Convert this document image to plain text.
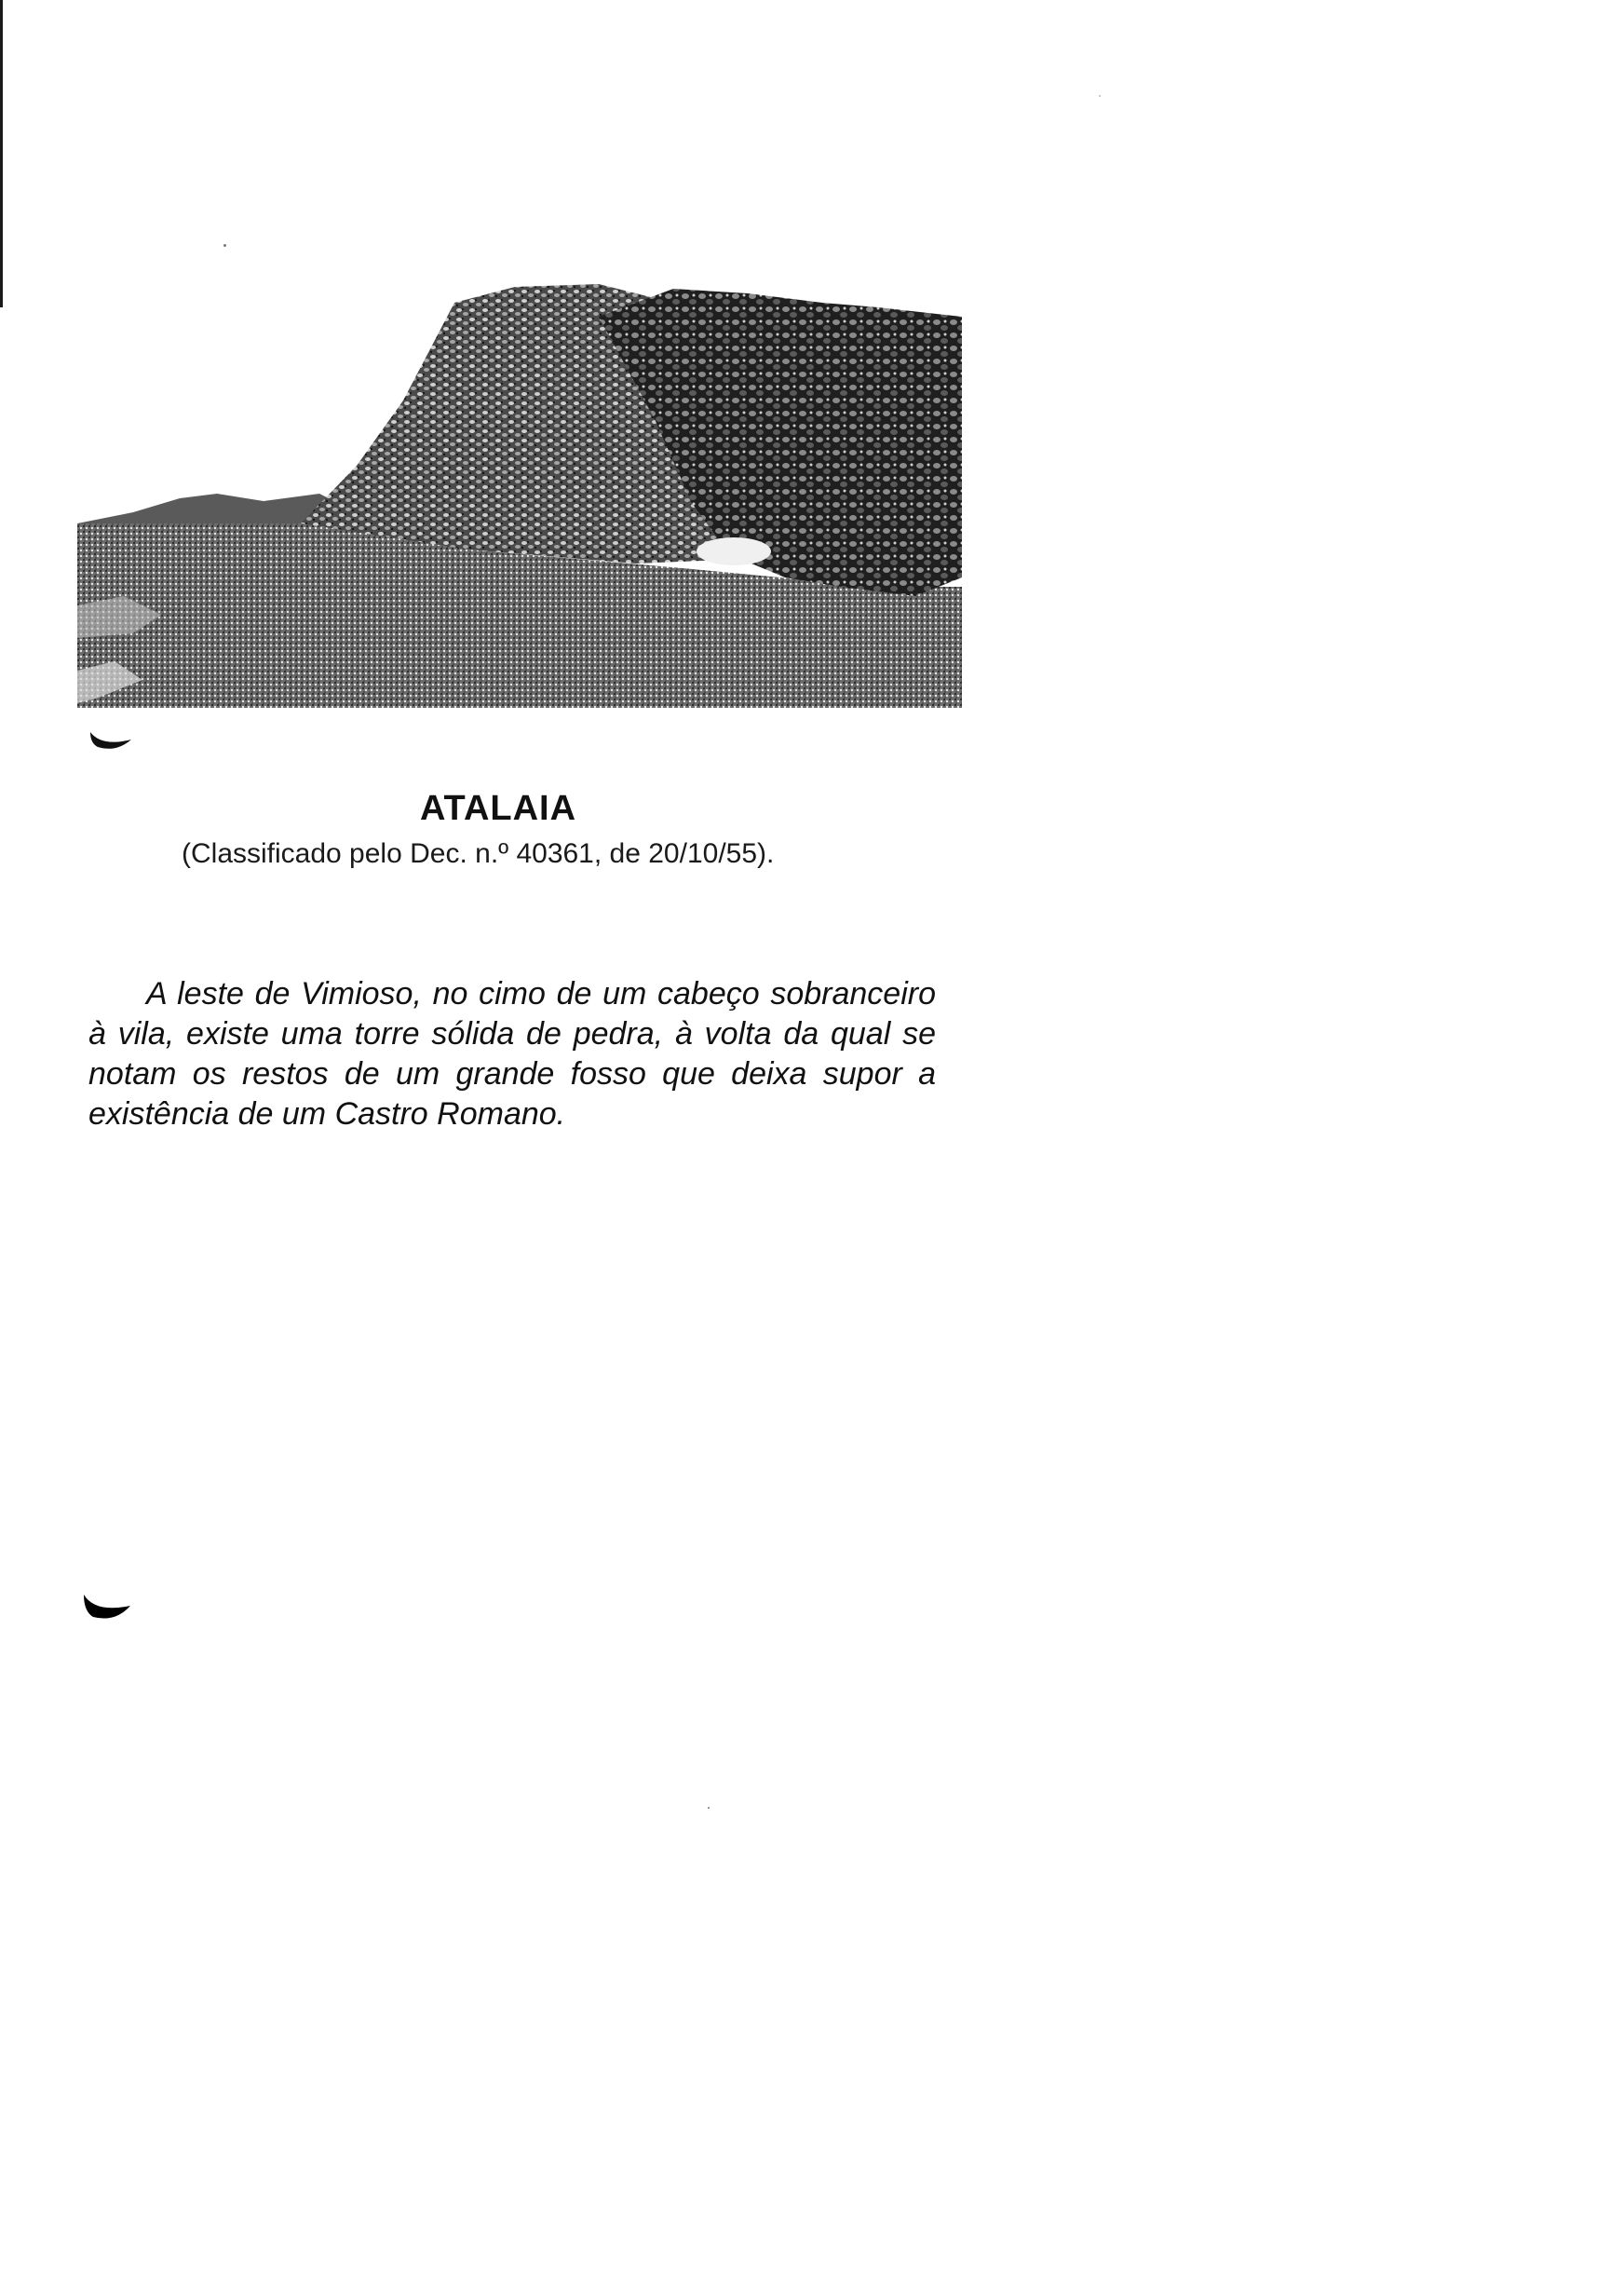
ATALAIA
(Classificado pelo Dec. n.º 40361, de 20/10/55).

A leste de Vimioso, no cimo de um cabeço sobranceiro à vila, existe uma torre sólida de pedra, à volta da qual se notam os restos de um grande fosso que deixa supor a existência de um Castro Romano.
